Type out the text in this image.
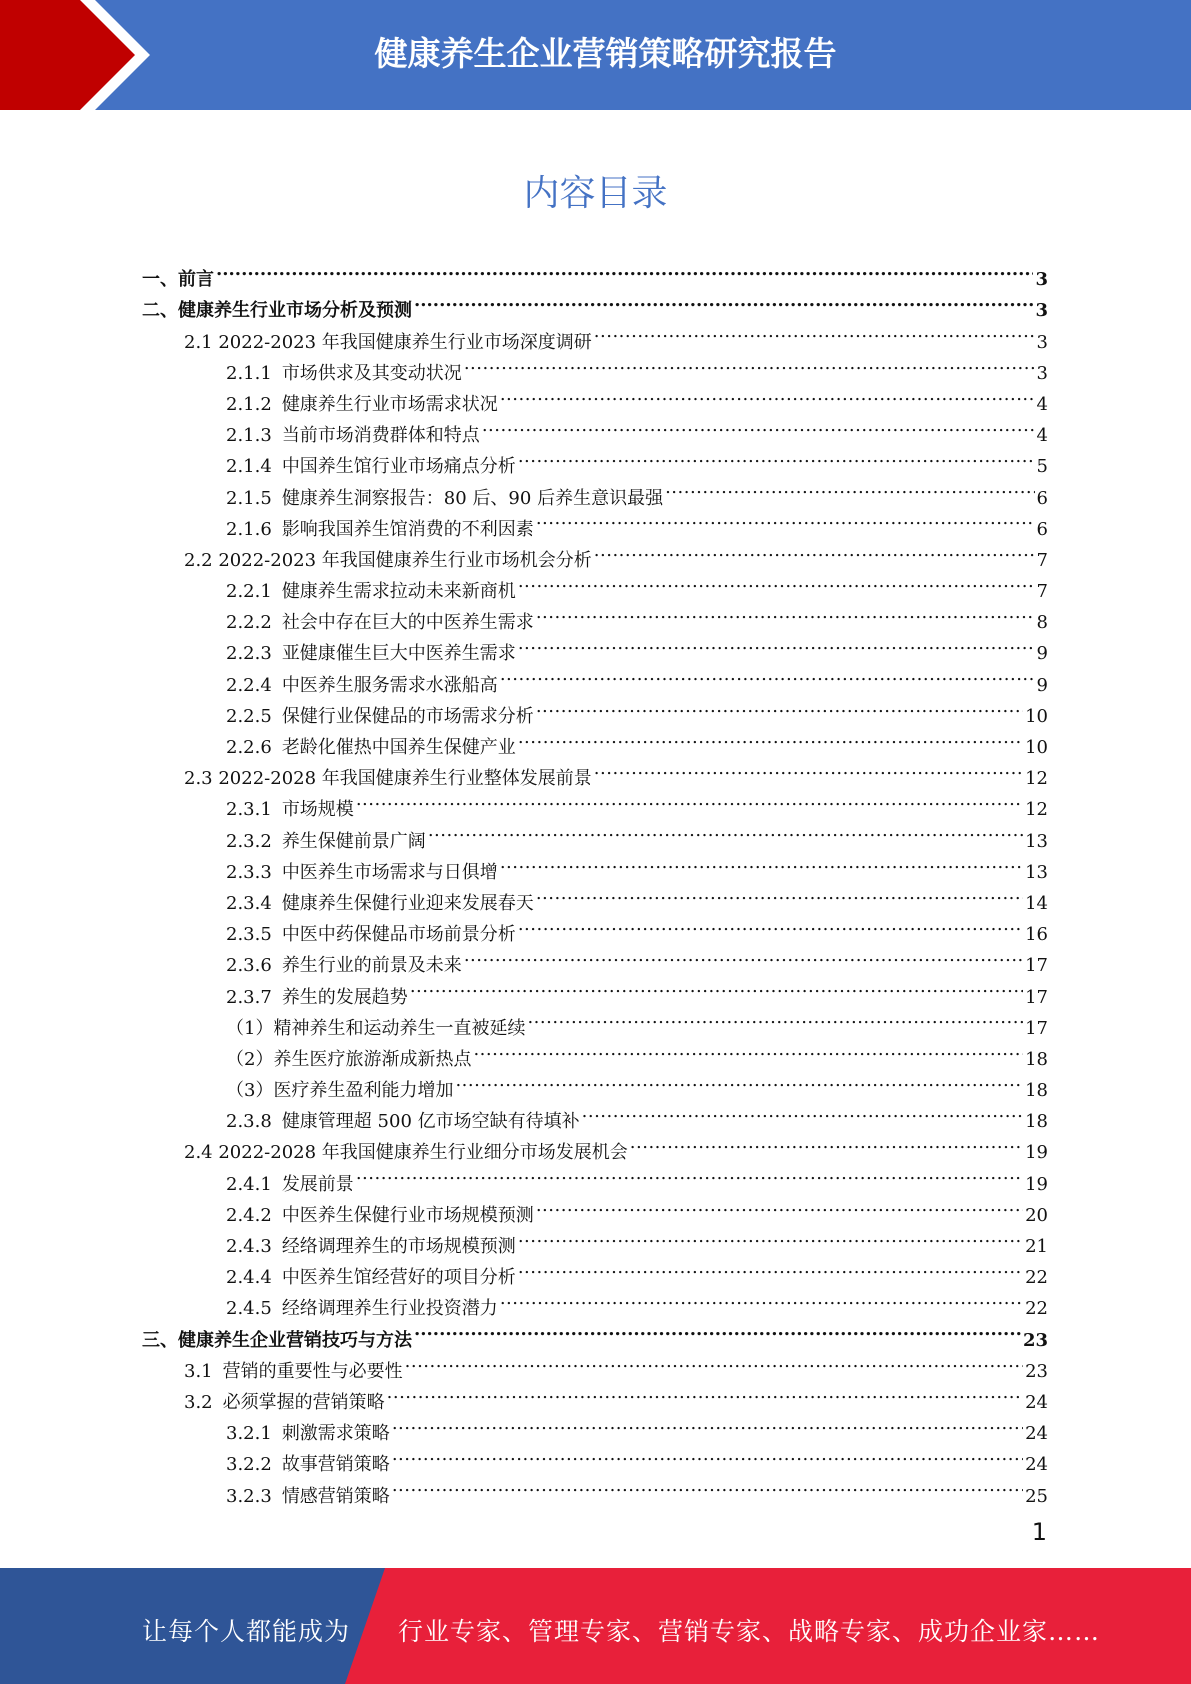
健康养生企业营销策略研究报告
内容目录
一、前言 .....	3
二、健康养生行业市场分析及预测 .....	3
2.1 2022-2023 年我国健康养生行业市场深度调研 .....	3
2.1.1 市场供求及其变动状况 .....	3
2.1.2 健康养生行业市场需求状况 .....	4
2.1.3 当前市场消费群体和特点 .....	4
2.1.4 中国养生馆行业市场痛点分析 .....	5
2.1.5 健康养生洞察报告：80 后、90 后养生意识最强 .....	6
2.1.6 影响我国养生馆消费的不利因素 .....	6
2.2 2022-2023 年我国健康养生行业市场机会分析 .....	7
2.2.1 健康养生需求拉动未来新商机 .....	7
2.2.2 社会中存在巨大的中医养生需求 .....	8
2.2.3 亚健康催生巨大中医养生需求 .....	9
2.2.4 中医养生服务需求水涨船高 .....	9
2.2.5 保健行业保健品的市场需求分析 .....	10
2.2.6 老龄化催热中国养生保健产业 .....	10
2.3 2022-2028 年我国健康养生行业整体发展前景 .....	12
2.3.1 市场规模 .....	12
2.3.2 养生保健前景广阔 .....	13
2.3.3 中医养生市场需求与日俱增 .....	13
2.3.4 健康养生保健行业迎来发展春天 .....	14
2.3.5 中医中药保健品市场前景分析 .....	16
2.3.6 养生行业的前景及未来 .....	17
2.3.7 养生的发展趋势 .....	17
（1）精神养生和运动养生一直被延续 .....	17
（2）养生医疗旅游渐成新热点 .....	18
（3）医疗养生盈利能力增加 .....	18
2.3.8 健康管理超 500 亿市场空缺有待填补 .....	18
2.4 2022-2028 年我国健康养生行业细分市场发展机会 .....	19
2.4.1 发展前景 .....	19
2.4.2 中医养生保健行业市场规模预测 .....	20
2.4.3 经络调理养生的市场规模预测 .....	21
2.4.4 中医养生馆经营好的项目分析 .....	22
2.4.5 经络调理养生行业投资潜力 .....	22
三、健康养生企业营销技巧与方法 .....	23
3.1 营销的重要性与必要性 .....	23
3.2 必须掌握的营销策略 .....	24
3.2.1 刺激需求策略 .....	24
3.2.2 故事营销策略 .....	24
3.2.3 情感营销策略 .....	25
1
让每个人都能成为 行业专家、管理专家、营销专家、战略专家、成功企业家……
